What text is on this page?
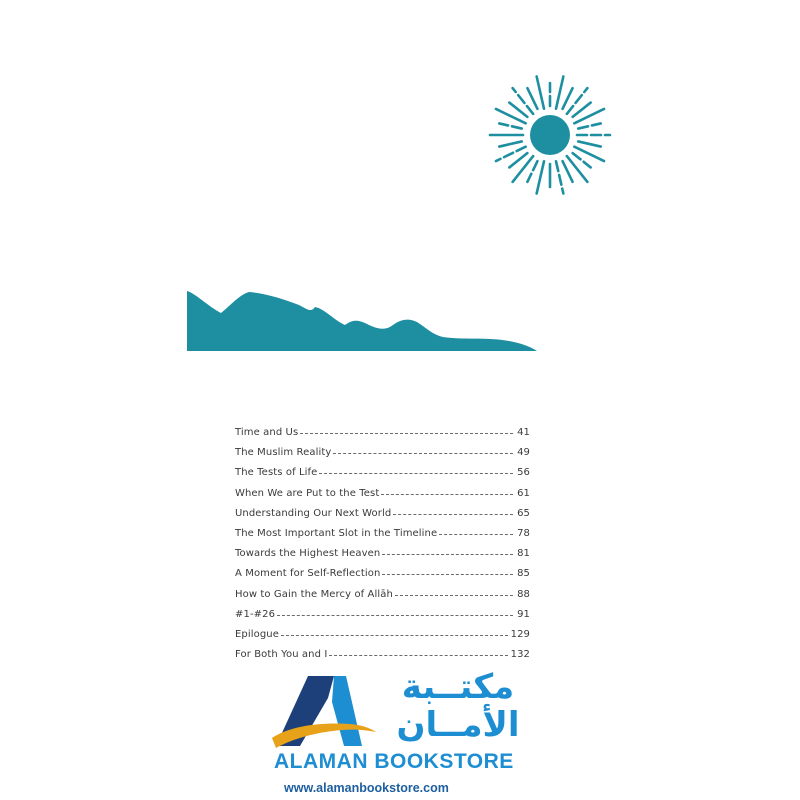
Time and Us	41
The Muslim Reality	49
The Tests of Life	56
When We are Put to the Test	61
Understanding Our Next World	65
The Most Important Slot in the Timeline	78
Towards the Highest Heaven	81
A Moment for Self-Reflection	85
How to Gain the Mercy of Allāh	88
#1-#26	91
Epilogue	129
For Both You and I	132
مكتــبة
الأمــان
ALAMAN BOOKSTORE
www.alamanbookstore.com
